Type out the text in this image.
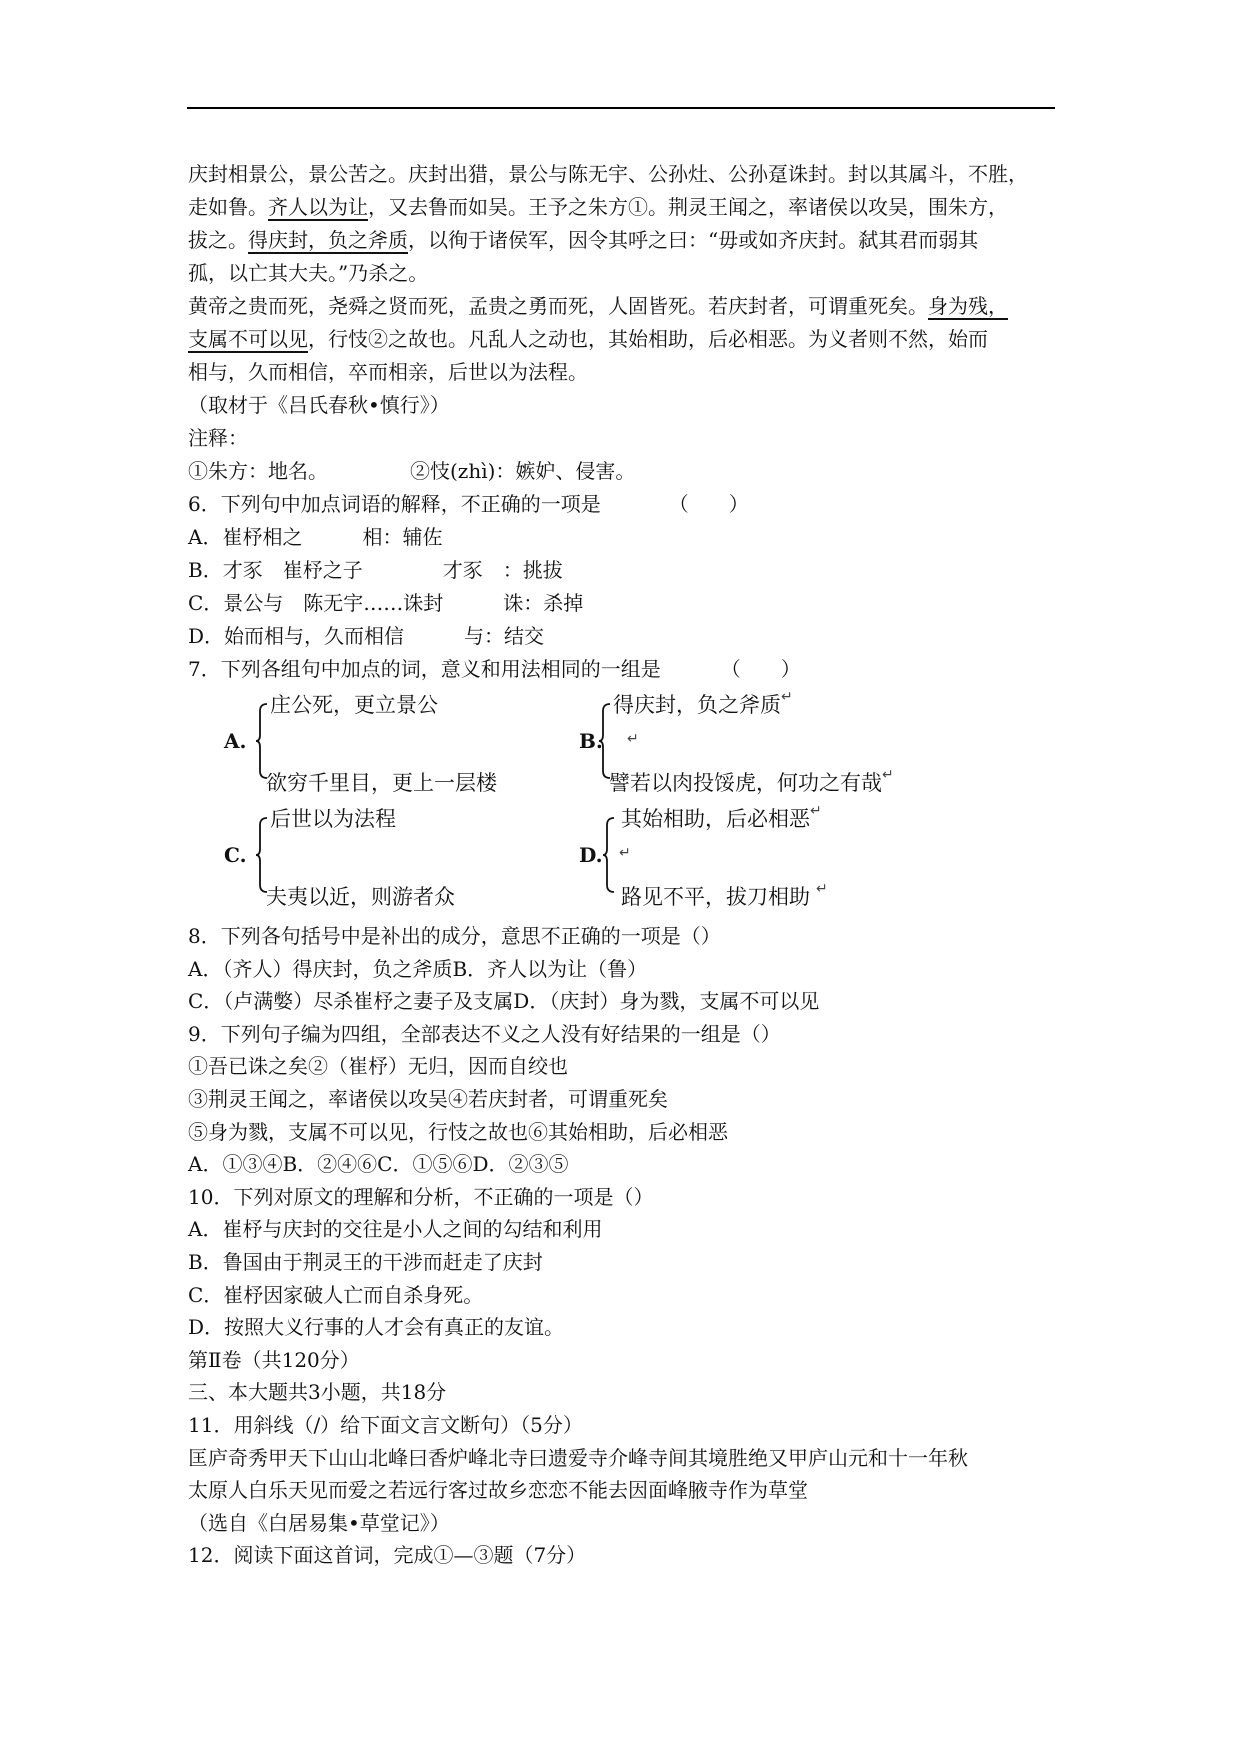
庆封相景公，景公苦之。庆封出猎，景公与陈无宇、公孙灶、公孙趸诛封。封以其属斗，不胜，
走如鲁。齐人以为让，又去鲁而如吴。王予之朱方①。荆灵王闻之，率诸侯以攻吴，围朱方，
拔之。得庆封，负之斧质，以徇于诸侯军，因令其呼之曰：“毋或如齐庆封。弑其君而弱其
孤，以亡其大夫。”乃杀之。
黄帝之贵而死，尧舜之贤而死，孟贵之勇而死，人固皆死。若庆封者，可谓重死矣。身为残，
支属不可以见，行忮②之故也。凡乱人之动也，其始相助，后必相恶。为义者则不然，始而
相与，久而相信，卒而相亲，后世以为法程。
（取材于《吕氏春秋•慎行》）
注释：
①朱方：地名。	②忮(zhì)：嫉妒、侵害。
6．下列句中加点词语的解释，不正确的一项是	（　　）
A．崔杼相之　　　相：辅佐
B．才豕　崔杼之子　　　　才豕　：挑拔
C．景公与　陈无宇……诛封　　　诛：杀掉
D．始而相与，久而相信　　　与：结交
7．下列各组句中加点的词，意义和用法相同的一组是	（　　）
A.
庄公死，更立景公
欲穷千里目，更上一层楼
B.
得庆封，负之斧质 ↵
↵
譬若以肉投馁虎，何功之有哉 ↵
C.
后世以为法程
夫夷以近，则游者众
D.
其始相助，后必相恶 ↵
↵
路见不平，拔刀相助 ↵
8．下列各句括号中是补出的成分，意思不正确的一项是（）
A．（齐人）得庆封，负之斧质B．齐人以为让（鲁）
C．（卢满嫳）尽杀崔杼之妻子及支属D．（庆封）身为戮，支属不可以见
9．下列句子编为四组，全部表达不义之人没有好结果的一组是（）
①吾已诛之矣②（崔杼）无归，因而自绞也
③荆灵王闻之，率诸侯以攻吴④若庆封者，可谓重死矣
⑤身为戮，支属不可以见，行忮之故也⑥其始相助，后必相恶
A．①③④B．②④⑥C．①⑤⑥D．②③⑤
10．下列对原文的理解和分析，不正确的一项是（）
A．崔杼与庆封的交往是小人之间的勾结和利用
B．鲁国由于荆灵王的干涉而赶走了庆封
C．崔杼因家破人亡而自杀身死。
D．按照大义行事的人才会有真正的友谊。
第Ⅱ卷（共120分）
三、本大题共3小题，共18分
11．用斜线（/）给下面文言文断句）（5分）
匡庐奇秀甲天下山山北峰曰香炉峰北寺曰遗爱寺介峰寺间其境胜绝又甲庐山元和十一年秋
太原人白乐天见而爱之若远行客过故乡恋恋不能去因面峰腋寺作为草堂
（选自《白居易集•草堂记》）
12．阅读下面这首词，完成①—③题（7分）
